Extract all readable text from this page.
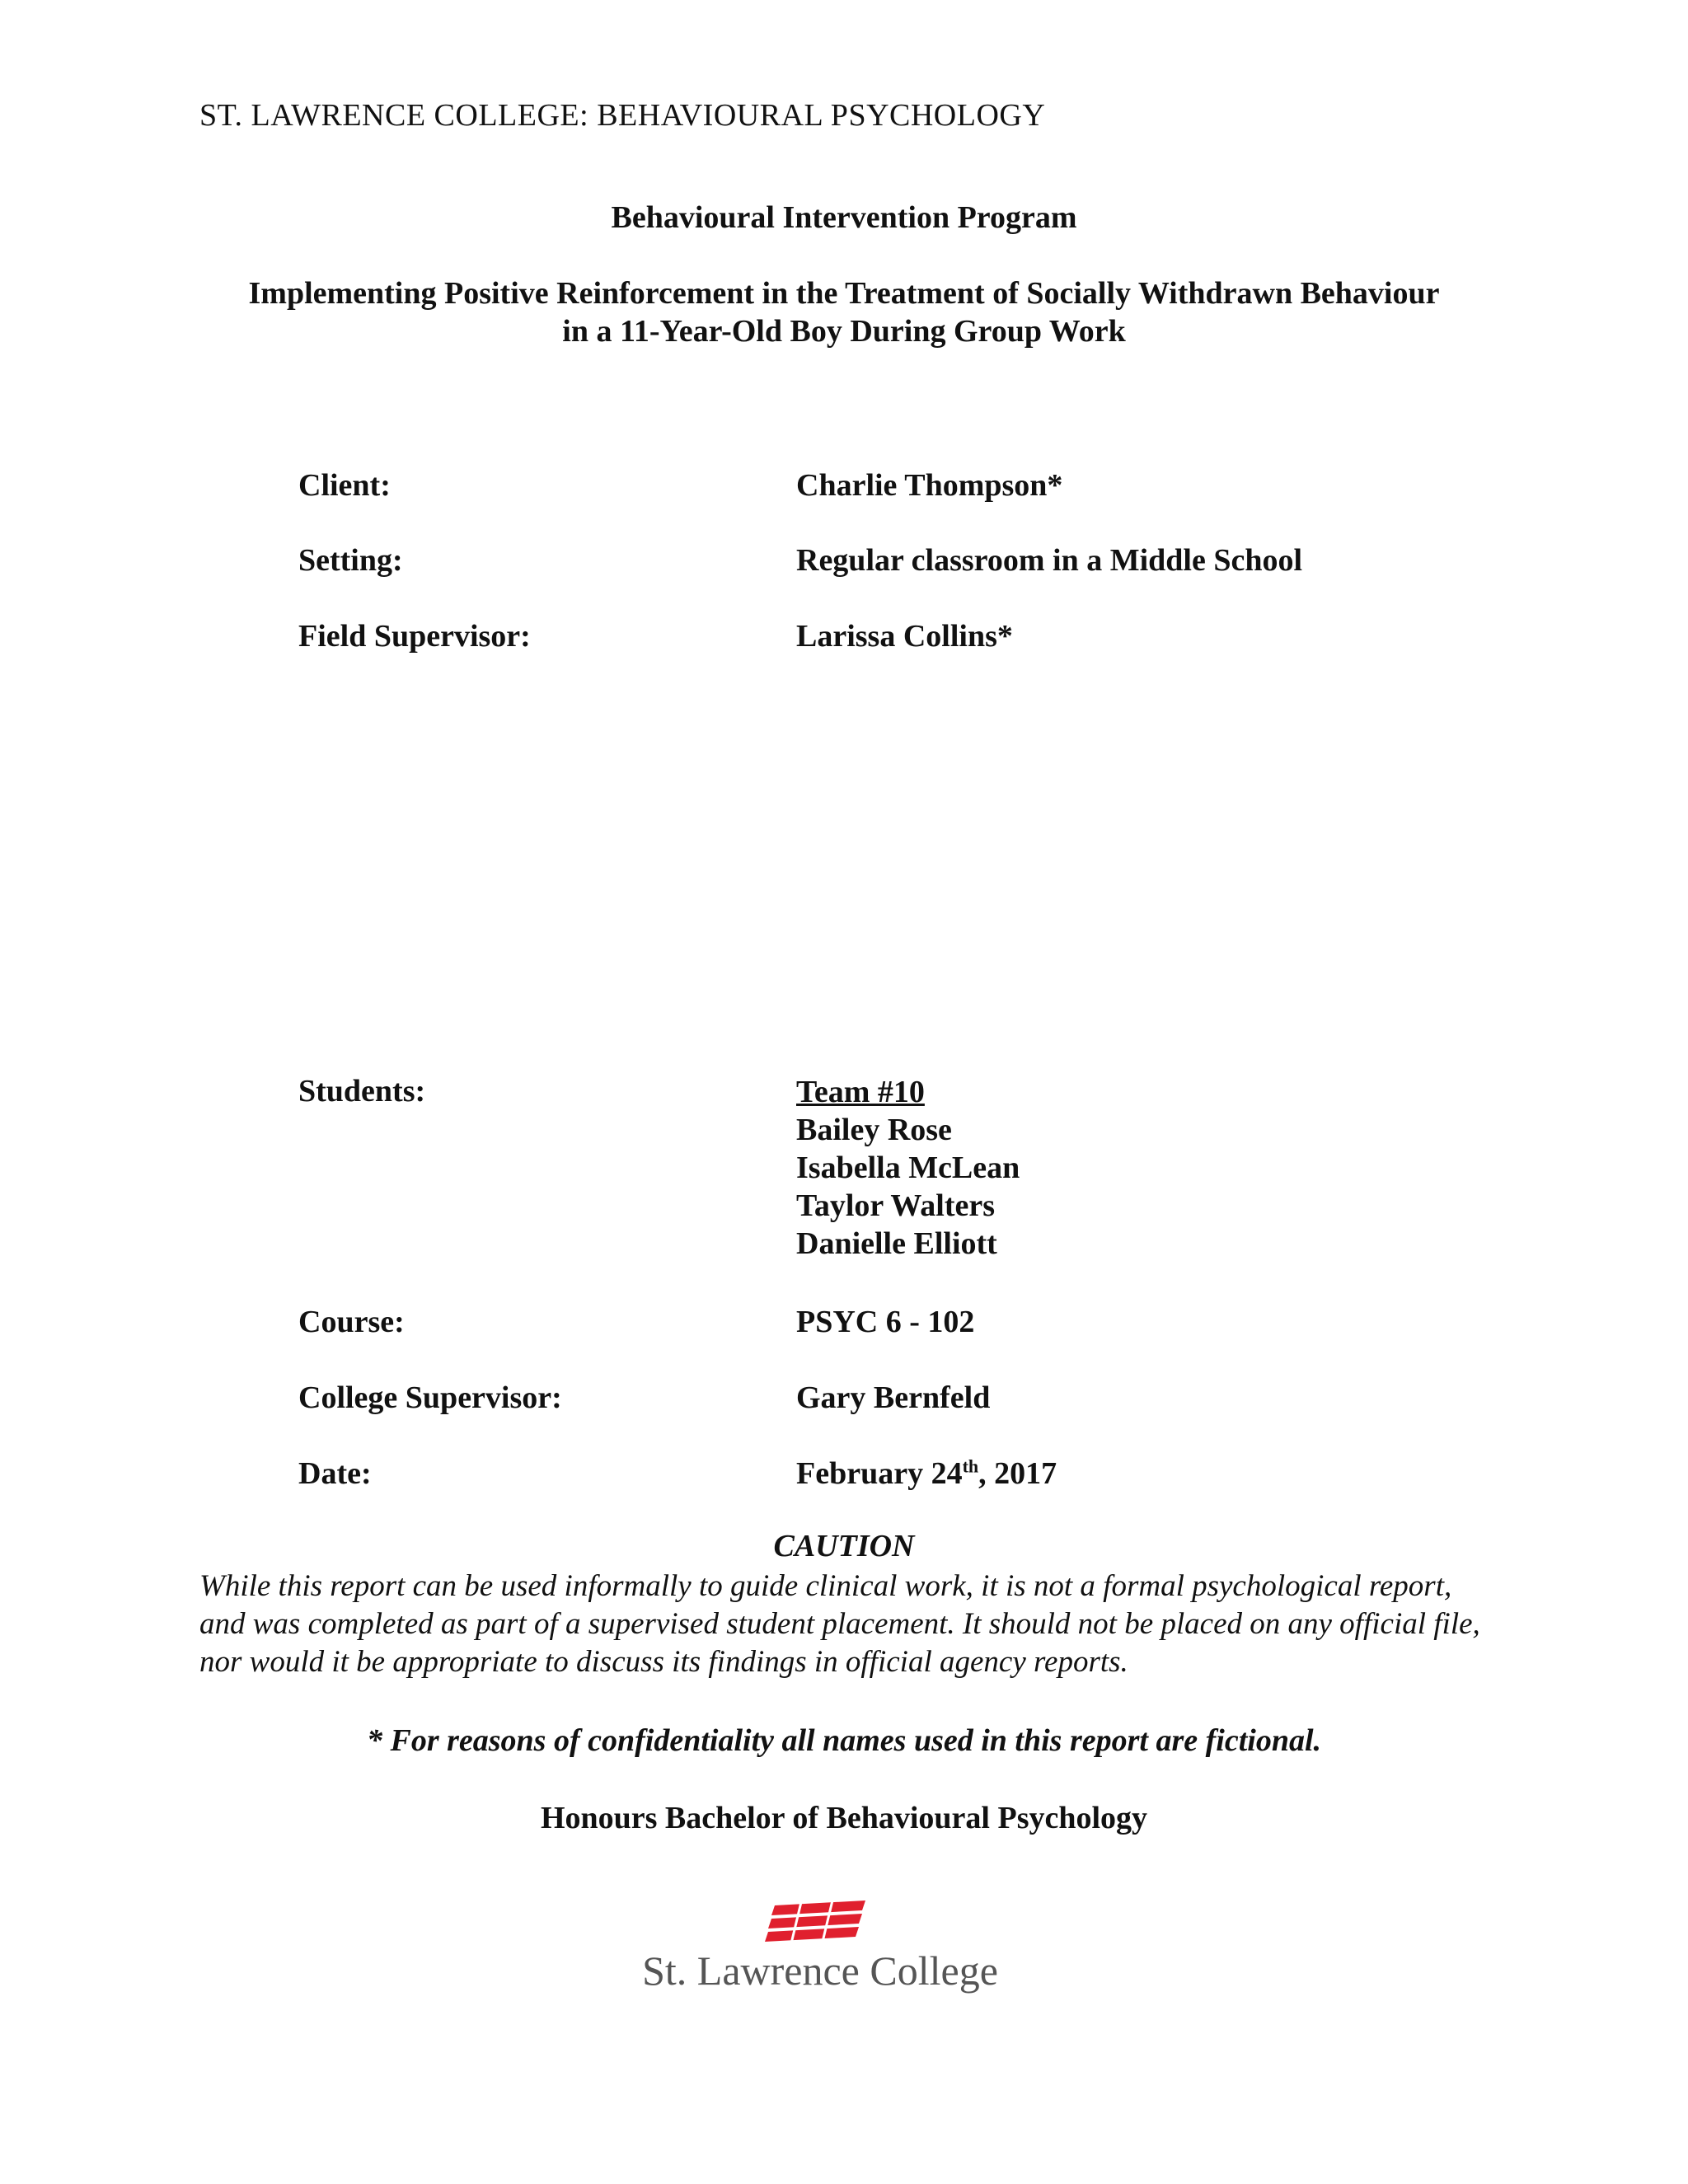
ST. LAWRENCE COLLEGE: BEHAVIOURAL PSYCHOLOGY
Behavioural Intervention Program
Implementing Positive Reinforcement in the Treatment of Socially Withdrawn Behaviour
in a 11-Year-Old Boy During Group Work
Client:	Charlie Thompson*
Setting:	Regular classroom in a Middle School
Field Supervisor:	Larissa Collins*
Students:	Team #10
Bailey Rose
Isabella McLean
Taylor Walters
Danielle Elliott
Course:	PSYC 6 - 102
College Supervisor:	Gary Bernfeld
Date:	February 24th, 2017
CAUTION
While this report can be used informally to guide clinical work, it is not a formal psychological report, and was completed as part of a supervised student placement. It should not be placed on any official file, nor would it be appropriate to discuss its findings in official agency reports.
* For reasons of confidentiality all names used in this report are fictional.
Honours Bachelor of Behavioural Psychology
St. Lawrence College
